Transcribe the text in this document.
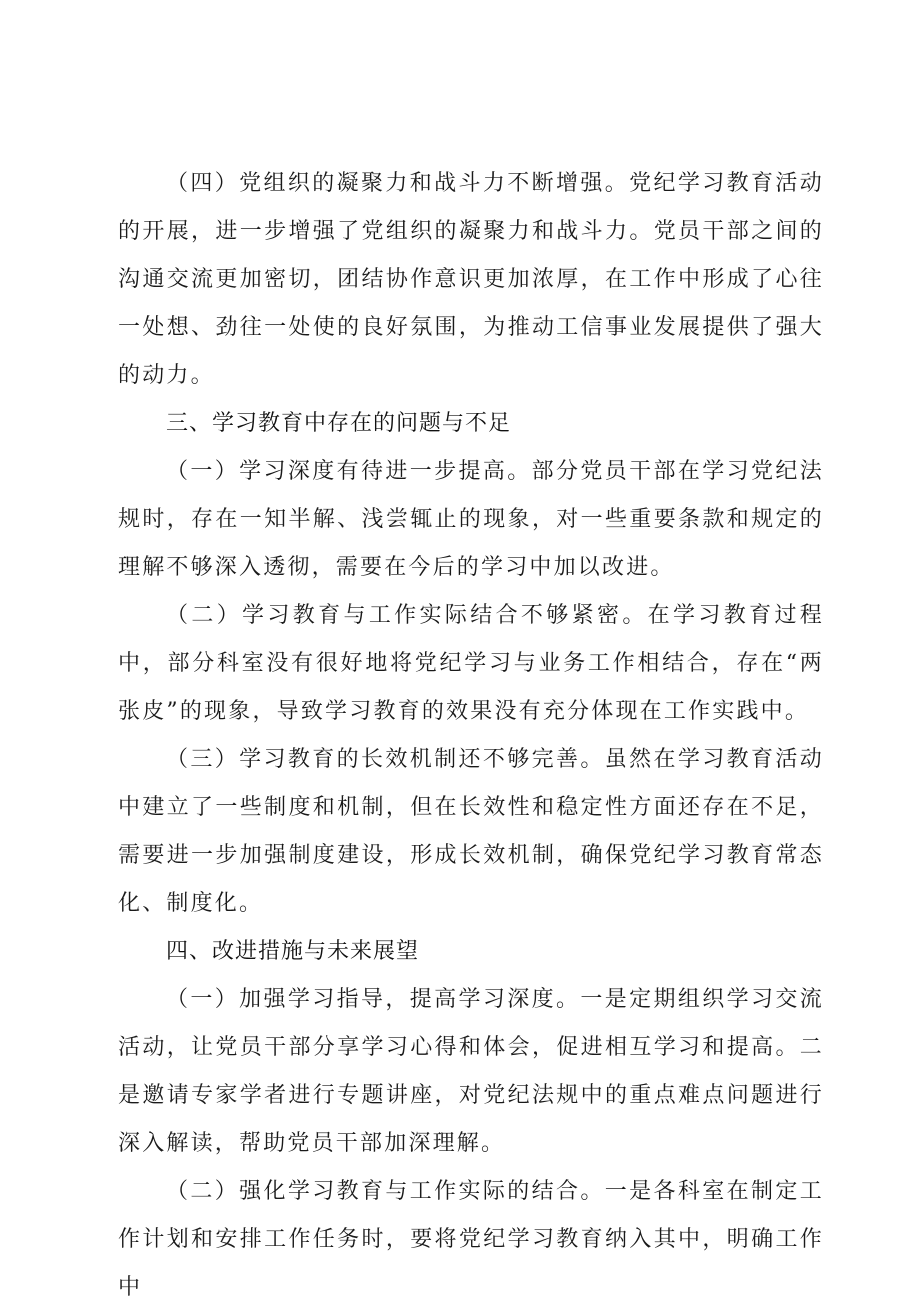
（四）党组织的凝聚力和战斗力不断增强。党纪学习教育活动的开展，进一步增强了党组织的凝聚力和战斗力。党员干部之间的沟通交流更加密切，团结协作意识更加浓厚，在工作中形成了心往一处想、劲往一处使的良好氛围，为推动工信事业发展提供了强大的动力。

三、学习教育中存在的问题与不足

（一）学习深度有待进一步提高。部分党员干部在学习党纪法规时，存在一知半解、浅尝辄止的现象，对一些重要条款和规定的理解不够深入透彻，需要在今后的学习中加以改进。

（二）学习教育与工作实际结合不够紧密。在学习教育过程中，部分科室没有很好地将党纪学习与业务工作相结合，存在“两张皮”的现象，导致学习教育的效果没有充分体现在工作实践中。

（三）学习教育的长效机制还不够完善。虽然在学习教育活动中建立了一些制度和机制，但在长效性和稳定性方面还存在不足，需要进一步加强制度建设，形成长效机制，确保党纪学习教育常态化、制度化。

四、改进措施与未来展望

（一）加强学习指导，提高学习深度。一是定期组织学习交流活动，让党员干部分享学习心得和体会，促进相互学习和提高。二是邀请专家学者进行专题讲座，对党纪法规中的重点难点问题进行深入解读，帮助党员干部加深理解。

（二）强化学习教育与工作实际的结合。一是各科室在制定工作计划和安排工作任务时，要将党纪学习教育纳入其中，明确工作中
